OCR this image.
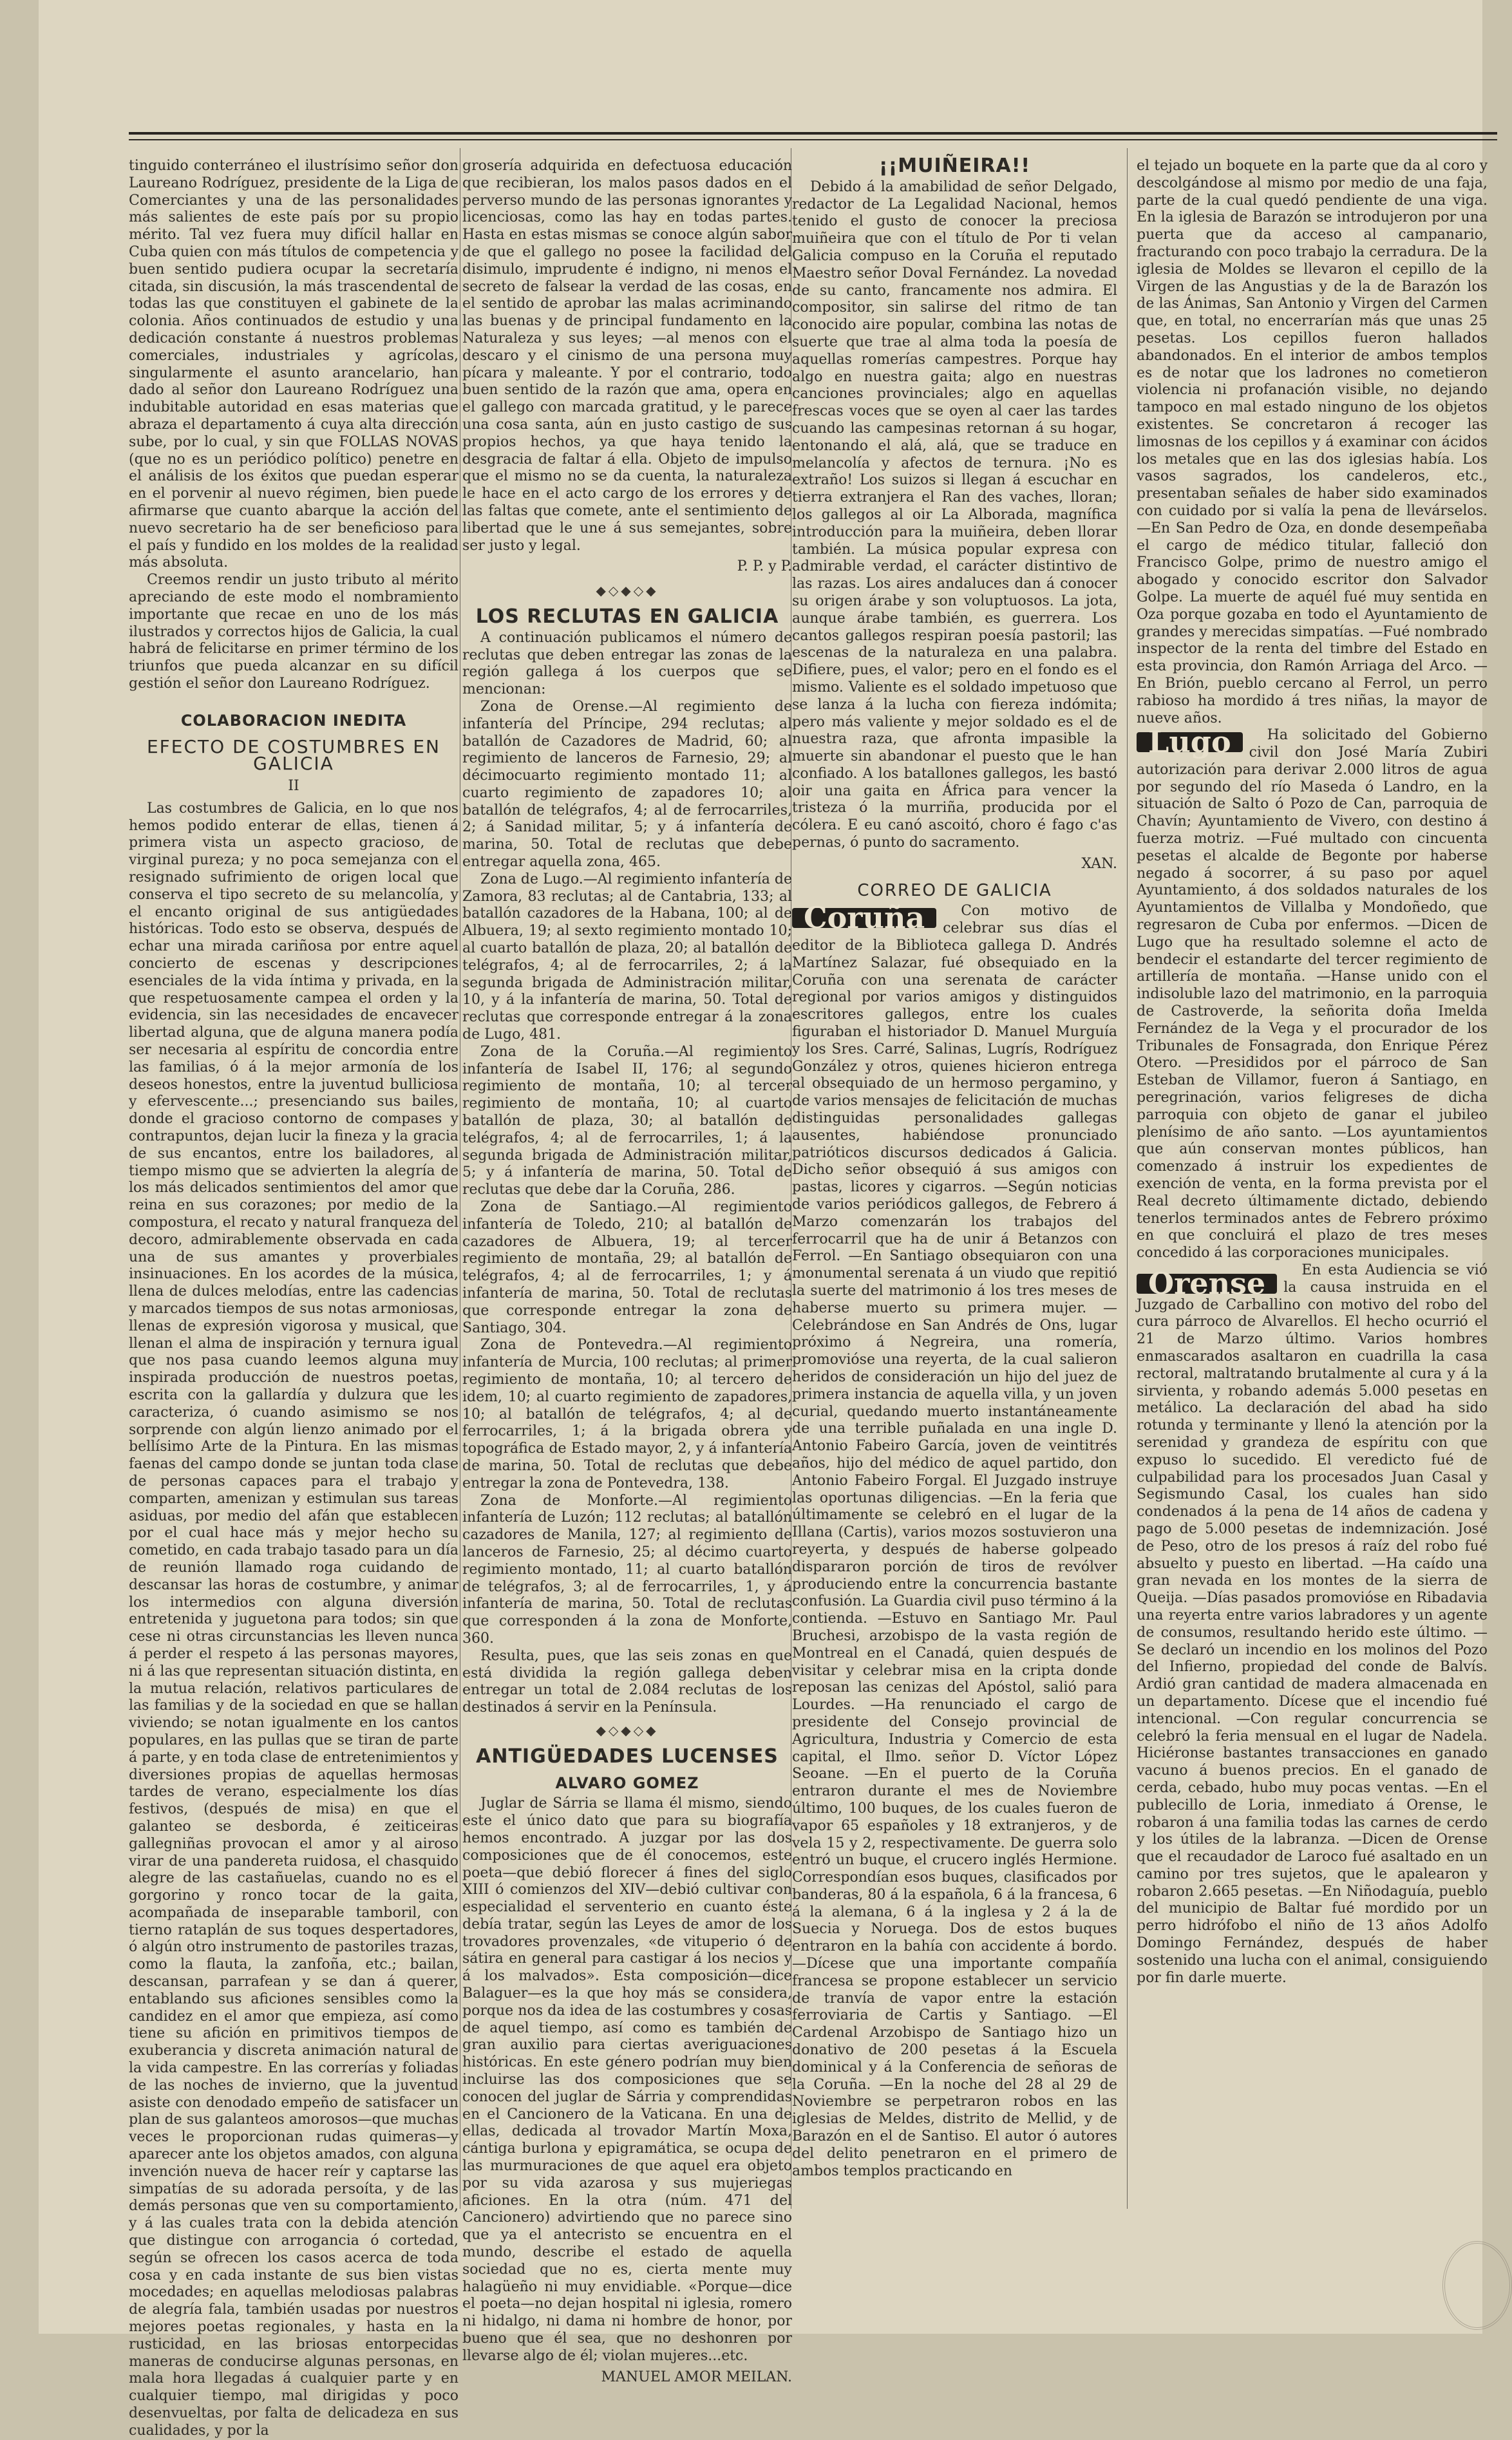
tinguido conterráneo el ilustrísimo señor don Laureano Rodríguez, presidente de la Liga de Comerciantes y una de las personalidades más salientes de este país por su propio mérito. Tal vez fuera muy difícil hallar en Cuba quien con más títulos de competencia y buen sentido pudiera ocupar la secretaría citada, sin discusión, la más trascendental de todas las que constituyen el gabinete de la colonia. Años continuados de estudio y una dedicación constante á nuestros problemas comerciales, industriales y agrícolas, singularmente el asunto arancelario, han dado al señor don Laureano Rodríguez una indubitable autoridad en esas materias que abraza el departamento á cuya alta dirección sube, por lo cual, y sin que FOLLAS NOVAS (que no es un periódico político) penetre en el análisis de los éxitos que puedan esperar en el porvenir al nuevo régimen, bien puede afirmarse que cuanto abarque la acción del nuevo secretario ha de ser beneficioso para el país y fundido en los moldes de la realidad más absoluta.

Creemos rendir un justo tributo al mérito apreciando de este modo el nombramiento importante que recae en uno de los más ilustrados y correctos hijos de Galicia, la cual habrá de felicitarse en primer término de los triunfos que pueda alcanzar en su difícil gestión el señor don Laureano Rodríguez.

COLABORACION INEDITA
EFECTO DE COSTUMBRES EN GALICIA
II

Las costumbres de Galicia, en lo que nos hemos podido enterar de ellas, tienen á primera vista un aspecto gracioso, de virginal pureza; y no poca semejanza con el resignado sufrimiento de origen local que conserva el tipo secreto de su melancolía, y el encanto original de sus antigüedades históricas. Todo esto se observa, después de echar una mirada cariñosa por entre aquel concierto de escenas y descripciones esenciales de la vida íntima y privada, en la que respetuosamente campea el orden y la evidencia, sin las necesidades de encavecer libertad alguna, que de alguna manera podía ser necesaria al espíritu de concordia entre las familias, ó á la mejor armonía de los deseos honestos, entre la juventud bulliciosa y efervescente...; presenciando sus bailes, donde el gracioso contorno de compases y contrapuntos, dejan lucir la fineza y la gracia de sus encantos, entre los bailadores, al tiempo mismo que se advierten la alegría de los más delicados sentimientos del amor que reina en sus corazones; por medio de la compostura, el recato y natural franqueza del decoro, admirablemente observada en cada una de sus amantes y proverbiales insinuaciones. En los acordes de la música, llena de dulces melodías, entre las cadencias y marcados tiempos de sus notas armoniosas, llenas de expresión vigorosa y musical, que llenan el alma de inspiración y ternura igual que nos pasa cuando leemos alguna muy inspirada producción de nuestros poetas, escrita con la gallardía y dulzura que les caracteriza, ó cuando asimismo se nos sorprende con algún lienzo animado por el bellísimo Arte de la Pintura. En las mismas faenas del campo donde se juntan toda clase de personas capaces para el trabajo y comparten, amenizan y estimulan sus tareas asiduas, por medio del afán que establecen por el cual hace más y mejor hecho su cometido, en cada trabajo tasado para un día de reunión llamado roga cuidando de descansar las horas de costumbre, y animar los intermedios con alguna diversión entretenida y juguetona para todos; sin que cese ni otras circunstancias les lleven nunca á perder el respeto á las personas mayores, ni á las que representan situación distinta, en la mutua relación, relativos particulares de las familias y de la sociedad en que se hallan viviendo; se notan igualmente en los cantos populares, en las pullas que se tiran de parte á parte, y en toda clase de entretenimientos y diversiones propias de aquellas hermosas tardes de verano, especialmente los días festivos, (después de misa) en que el galanteo se desborda, é zeiticeiras gallegniñas provocan el amor y al airoso virar de una pandereta ruidosa, el chasquido alegre de las castañuelas, cuando no es el gorgorino y ronco tocar de la gaita, acompañada de inseparable tamboril, con tierno rataplán de sus toques despertadores, ó algún otro instrumento de pastoriles trazas, como la flauta, la zanfoña, etc.; bailan, descansan, parrafean y se dan á querer, entablando sus aficiones sensibles como la candidez en el amor que empieza, así como tiene su afición en primitivos tiempos de exuberancia y discreta animación natural de la vida campestre. En las correrías y foliadas de las noches de invierno, que la juventud asiste con denodado empeño de satisfacer un plan de sus galanteos amorosos—que muchas veces le proporcionan rudas quimeras—y aparecer ante los objetos amados, con alguna invención nueva de hacer reír y captarse las simpatías de su adorada persoíta, y de las demás personas que ven su comportamiento, y á las cuales trata con la debida atención que distingue con arrogancia ó cortedad, según se ofrecen los casos acerca de toda cosa y en cada instante de sus bien vistas mocedades; en aquellas melodiosas palabras de alegría fala, también usadas por nuestros mejores poetas regionales, y hasta en la rusticidad, en las briosas entorpecidas maneras de conducirse algunas personas, en mala hora llegadas á cualquier parte y en cualquier tiempo, mal dirigidas y poco desenvueltas, por falta de delicadeza en sus cualidades, y por la

grosería adquirida en defectuosa educación que recibieran, los malos pasos dados en el perverso mundo de las personas ignorantes y licenciosas, como las hay en todas partes. Hasta en estas mismas se conoce algún sabor de que el gallego no posee la facilidad del disimulo, imprudente é indigno, ni menos el secreto de falsear la verdad de las cosas, en el sentido de aprobar las malas acriminando las buenas y de principal fundamento en la Naturaleza y sus leyes; —al menos con el descaro y el cinismo de una persona muy pícara y maleante. Y por el contrario, todo buen sentido de la razón que ama, opera en el gallego con marcada gratitud, y le parece una cosa santa, aún en justo castigo de sus propios hechos, ya que haya tenido la desgracia de faltar á ella. Objeto de impulso que el mismo no se da cuenta, la naturaleza le hace en el acto cargo de los errores y de las faltas que comete, ante el sentimiento de libertad que le une á sus semejantes, sobre ser justo y legal.

P. P. y P.
◆◇◆◇◆
LOS RECLUTAS EN GALICIA

A continuación publicamos el número de reclutas que deben entregar las zonas de la región gallega á los cuerpos que se mencionan:

Zona de Orense.—Al regimiento de infantería del Príncipe, 294 reclutas; al batallón de Cazadores de Madrid, 60; al regimiento de lanceros de Farnesio, 29; al décimocuarto regimiento montado 11; al cuarto regimiento de zapadores 10; al batallón de telégrafos, 4; al de ferrocarriles, 2; á Sanidad militar, 5; y á infantería de marina, 50. Total de reclutas que debe entregar aquella zona, 465.

Zona de Lugo.—Al regimiento infantería de Zamora, 83 reclutas; al de Cantabria, 133; al batallón cazadores de la Habana, 100; al de Albuera, 19; al sexto regimiento montado 10; al cuarto batallón de plaza, 20; al batallón de telégrafos, 4; al de ferrocarriles, 2; á la segunda brigada de Administración militar, 10, y á la infantería de marina, 50. Total de reclutas que corresponde entregar á la zona de Lugo, 481.

Zona de la Coruña.—Al regimiento infantería de Isabel II, 176; al segundo regimiento de montaña, 10; al tercer regimiento de montaña, 10; al cuarto batallón de plaza, 30; al batallón de telégrafos, 4; al de ferrocarriles, 1; á la segunda brigada de Administración militar, 5; y á infantería de marina, 50. Total de reclutas que debe dar la Coruña, 286.

Zona de Santiago.—Al regimiento infantería de Toledo, 210; al batallón de cazadores de Albuera, 19; al tercer regimiento de montaña, 29; al batallón de telégrafos, 4; al de ferrocarriles, 1; y á infantería de marina, 50. Total de reclutas que corresponde entregar la zona de Santiago, 304.

Zona de Pontevedra.—Al regimiento infantería de Murcia, 100 reclutas; al primer regimiento de montaña, 10; al tercero de idem, 10; al cuarto regimiento de zapadores, 10; al batallón de telégrafos, 4; al de ferrocarriles, 1; á la brigada obrera y topográfica de Estado mayor, 2, y á infantería de marina, 50. Total de reclutas que debe entregar la zona de Pontevedra, 138.

Zona de Monforte.—Al regimiento infantería de Luzón; 112 reclutas; al batallón cazadores de Manila, 127; al regimiento de lanceros de Farnesio, 25; al décimo cuarto regimiento montado, 11; al cuarto batallón de telégrafos, 3; al de ferrocarriles, 1, y á infantería de marina, 50. Total de reclutas que corresponden á la zona de Monforte, 360.

Resulta, pues, que las seis zonas en que está dividida la región gallega deben entregar un total de 2.084 reclutas de los destinados á servir en la Península.

◆◇◆◇◆
ANTIGÜEDADES LUCENSES
ALVARO GOMEZ

Juglar de Sárria se llama él mismo, siendo este el único dato que para su biografía hemos encontrado. A juzgar por las dos composiciones que de él conocemos, este poeta—que debió florecer á fines del siglo XIII ó comienzos del XIV—debió cultivar con especialidad el serventerio en cuanto éste debía tratar, según las Leyes de amor de los trovadores provenzales, «de vituperio ó de sátira en general para castigar á los necios y á los malvados». Esta composición—dice Balaguer—es la que hoy más se considera, porque nos da idea de las costumbres y cosas de aquel tiempo, así como es también de gran auxilio para ciertas averiguaciones históricas. En este género podrían muy bien incluirse las dos composiciones que se conocen del juglar de Sárria y comprendidas en el Cancionero de la Vaticana. En una de ellas, dedicada al trovador Martín Moxa, cántiga burlona y epigramática, se ocupa de las murmuraciones de que aquel era objeto por su vida azarosa y sus mujeriegas aficiones. En la otra (núm. 471 del Cancionero) advirtiendo que no parece sino que ya el antecristo se encuentra en el mundo, describe el estado de aquella sociedad que no es, cierta mente muy halagüeño ni muy envidiable. «Porque—dice el poeta—no dejan hospital ni iglesia, romero ni hidalgo, ni dama ni hombre de honor, por bueno que él sea, que no deshonren por llevarse algo de él; violan mujeres...etc.

MANUEL AMOR MEILAN.
¡¡MUIÑEIRA!!

Debido á la amabilidad de señor Delgado, redactor de La Legalidad Nacional, hemos tenido el gusto de conocer la preciosa muiñeira que con el título de Por ti velan Galicia compuso en la Coruña el reputado Maestro señor Doval Fernández. La novedad de su canto, francamente nos admira. El compositor, sin salirse del ritmo de tan conocido aire popular, combina las notas de suerte que trae al alma toda la poesía de aquellas romerías campestres. Porque hay algo en nuestra gaita; algo en nuestras canciones provinciales; algo en aquellas frescas voces que se oyen al caer las tardes cuando las campesinas retornan á su hogar, entonando el alá, alá, que se traduce en melancolía y afectos de ternura. ¡No es extraño! Los suizos si llegan á escuchar en tierra extranjera el Ran des vaches, lloran; los gallegos al oir La Alborada, magnífica introducción para la muiñeira, deben llorar también. La música popular expresa con admirable verdad, el carácter distintivo de las razas. Los aires andaluces dan á conocer su origen árabe y son voluptuosos. La jota, aunque árabe también, es guerrera. Los cantos gallegos respiran poesía pastoril; las escenas de la naturaleza en una palabra. Difiere, pues, el valor; pero en el fondo es el mismo. Valiente es el soldado impetuoso que se lanza á la lucha con fiereza indómita; pero más valiente y mejor soldado es el de nuestra raza, que afronta impasible la muerte sin abandonar el puesto que le han confiado. A los batallones gallegos, les bastó oir una gaita en África para vencer la tristeza ó la murriña, producida por el cólera. E eu canó ascoitó, choro é fago c'as pernas, ó punto do sacramento.

XAN.
CORREO DE GALICIA
Coruña	Con motivo de celebrar sus días el editor de la Biblioteca gallega D. Andrés Martínez Salazar, fué obsequiado en la Coruña con una serenata de carácter regional por varios amigos y distinguidos escritores gallegos, entre los cuales figuraban el historiador D. Manuel Murguía y los Sres. Carré, Salinas, Lugrís, Rodríguez González y otros, quienes hicieron entrega al obsequiado de un hermoso pergamino, y de varios mensajes de felicitación de muchas distinguidas personalidades gallegas ausentes, habiéndose pronunciado patrióticos discursos dedicados á Galicia. Dicho señor obsequió á sus amigos con pastas, licores y cigarros. —Según noticias de varios periódicos gallegos, de Febrero á Marzo comenzarán los trabajos del ferrocarril que ha de unir á Betanzos con Ferrol. —En Santiago obsequiaron con una monumental serenata á un viudo que repitió la suerte del matrimonio á los tres meses de haberse muerto su primera mujer. —Celebrándose en San Andrés de Ons, lugar próximo á Negreira, una romería, promovióse una reyerta, de la cual salieron heridos de consideración un hijo del juez de primera instancia de aquella villa, y un joven curial, quedando muerto instantáneamente de una terrible puñalada en una ingle D. Antonio Fabeiro García, joven de veintitrés años, hijo del médico de aquel partido, don Antonio Fabeiro Forgal. El Juzgado instruye las oportunas diligencias. —En la feria que últimamente se celebró en el lugar de la Illana (Cartis), varios mozos sostuvieron una reyerta, y después de haberse golpeado dispararon porción de tiros de revólver produciendo entre la concurrencia bastante confusión. La Guardia civil puso término á la contienda. —Estuvo en Santiago Mr. Paul Bruchesi, arzobispo de la vasta región de Montreal en el Canadá, quien después de visitar y celebrar misa en la cripta donde reposan las cenizas del Apóstol, salió para Lourdes. —Ha renunciado el cargo de presidente del Consejo provincial de Agricultura, Industria y Comercio de esta capital, el Ilmo. señor D. Víctor López Seoane. —En el puerto de la Coruña entraron durante el mes de Noviembre último, 100 buques, de los cuales fueron de vapor 65 españoles y 18 extranjeros, y de vela 15 y 2, respectivamente. De guerra solo entró un buque, el crucero inglés Hermione. Correspondían esos buques, clasificados por banderas, 80 á la española, 6 á la francesa, 6 á la alemana, 6 á la inglesa y 2 á la de Suecia y Noruega. Dos de estos buques entraron en la bahía con accidente á bordo. —Dícese que una importante compañía francesa se propone establecer un servicio de tranvía de vapor entre la estación ferroviaria de Cartis y Santiago. —El Cardenal Arzobispo de Santiago hizo un donativo de 200 pesetas á la Escuela dominical y á la Conferencia de señoras de la Coruña. —En la noche del 28 al 29 de Noviembre se perpetraron robos en las iglesias de Meldes, distrito de Mellid, y de Barazón en el de Santiso. El autor ó autores del delito penetraron en el primero de ambos templos practicando en

el tejado un boquete en la parte que da al coro y descolgándose al mismo por medio de una faja, parte de la cual quedó pendiente de una viga. En la iglesia de Barazón se introdujeron por una puerta que da acceso al campanario, fracturando con poco trabajo la cerradura. De la iglesia de Moldes se llevaron el cepillo de la Virgen de las Angustias y de la de Barazón los de las Ánimas, San Antonio y Virgen del Carmen que, en total, no encerrarían más que unas 25 pesetas. Los cepillos fueron hallados abandonados. En el interior de ambos templos es de notar que los ladrones no cometieron violencia ni profanación visible, no dejando tampoco en mal estado ninguno de los objetos existentes. Se concretaron á recoger las limosnas de los cepillos y á examinar con ácidos los metales que en las dos iglesias había. Los vasos sagrados, los candeleros, etc., presentaban señales de haber sido examinados con cuidado por si valía la pena de llevárselos. —En San Pedro de Oza, en donde desempeñaba el cargo de médico titular, falleció don Francisco Golpe, primo de nuestro amigo el abogado y conocido escritor don Salvador Golpe. La muerte de aquél fué muy sentida en Oza porque gozaba en todo el Ayuntamiento de grandes y merecidas simpatías. —Fué nombrado inspector de la renta del timbre del Estado en esta provincia, don Ramón Arriaga del Arco. —En Brión, pueblo cercano al Ferrol, un perro rabioso ha mordido á tres niñas, la mayor de nueve años.

Lugo	Ha solicitado del Gobierno civil don José María Zubiri autorización para derivar 2.000 litros de agua por segundo del río Maseda ó Landro, en la situación de Salto ó Pozo de Can, parroquia de Chavín; Ayuntamiento de Vivero, con destino á fuerza motriz. —Fué multado con cincuenta pesetas el alcalde de Begonte por haberse negado á socorrer, á su paso por aquel Ayuntamiento, á dos soldados naturales de los Ayuntamientos de Villalba y Mondoñedo, que regresaron de Cuba por enfermos. —Dicen de Lugo que ha resultado solemne el acto de bendecir el estandarte del tercer regimiento de artillería de montaña. —Hanse unido con el indisoluble lazo del matrimonio, en la parroquia de Castroverde, la señorita doña Imelda Fernández de la Vega y el procurador de los Tribunales de Fonsagrada, don Enrique Pérez Otero. —Presididos por el párroco de San Esteban de Villamor, fueron á Santiago, en peregrinación, varios feligreses de dicha parroquia con objeto de ganar el jubileo plenísimo de año santo. —Los ayuntamientos que aún conservan montes públicos, han comenzado á instruir los expedientes de exención de venta, en la forma prevista por el Real decreto últimamente dictado, debiendo tenerlos terminados antes de Febrero próximo en que concluirá el plazo de tres meses concedido á las corporaciones municipales.

Orense	En esta Audiencia se vió la causa instruida en el Juzgado de Carballino con motivo del robo del cura párroco de Alvarellos. El hecho ocurrió el 21 de Marzo último. Varios hombres enmascarados asaltaron en cuadrilla la casa rectoral, maltratando brutalmente al cura y á la sirvienta, y robando además 5.000 pesetas en metálico. La declaración del abad ha sido rotunda y terminante y llenó la atención por la serenidad y grandeza de espíritu con que expuso lo sucedido. El veredicto fué de culpabilidad para los procesados Juan Casal y Segismundo Casal, los cuales han sido condenados á la pena de 14 años de cadena y pago de 5.000 pesetas de indemnización. José de Peso, otro de los presos á raíz del robo fué absuelto y puesto en libertad. —Ha caído una gran nevada en los montes de la sierra de Queija. —Días pasados promovióse en Ribadavia una reyerta entre varios labradores y un agente de consumos, resultando herido este último. —Se declaró un incendio en los molinos del Pozo del Infierno, propiedad del conde de Balvís. Ardió gran cantidad de madera almacenada en un departamento. Dícese que el incendio fué intencional. —Con regular concurrencia se celebró la feria mensual en el lugar de Nadela. Hiciéronse bastantes transacciones en ganado vacuno á buenos precios. En el ganado de cerda, cebado, hubo muy pocas ventas. —En el publecillo de Loria, inmediato á Orense, le robaron á una familia todas las carnes de cerdo y los útiles de la labranza. —Dicen de Orense que el recaudador de Laroco fué asaltado en un camino por tres sujetos, que le apalearon y robaron 2.665 pesetas. —En Niñodaguía, pueblo del municipio de Baltar fué mordido por un perro hidrófobo el niño de 13 años Adolfo Domingo Fernández, después de haber sostenido una lucha con el animal, consiguiendo por fin darle muerte.
